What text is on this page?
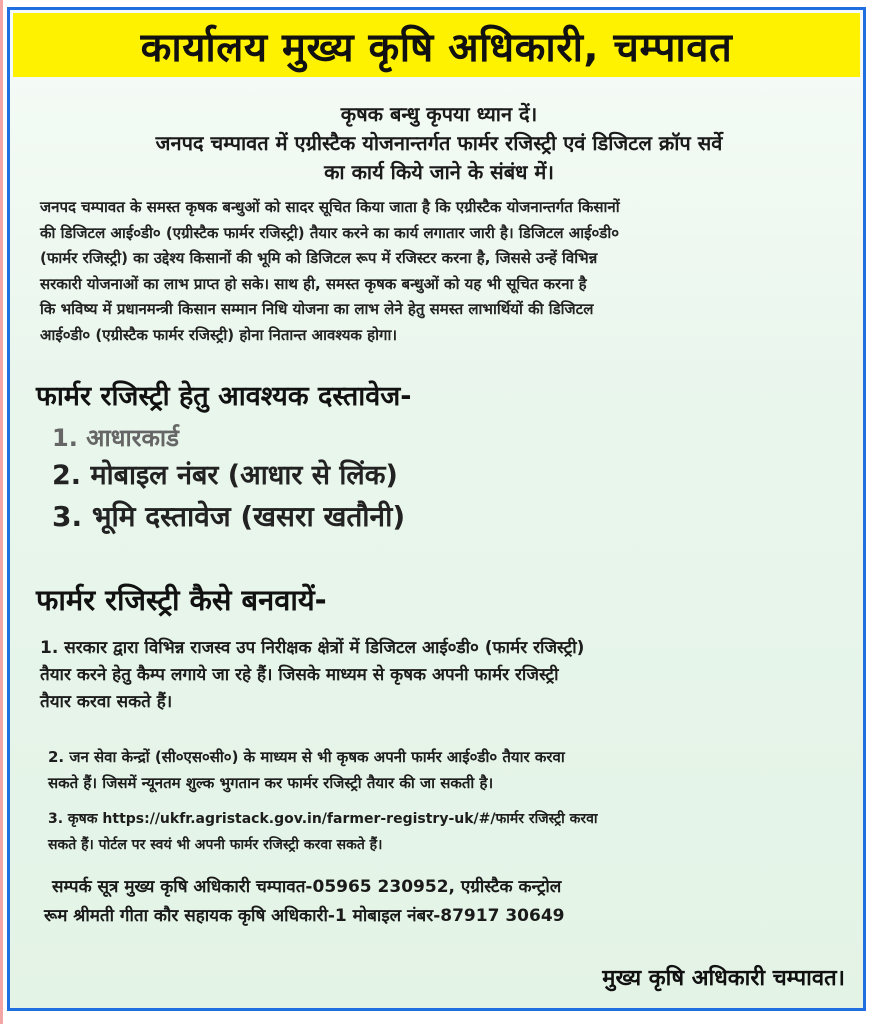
कार्यालय मुख्य कृषि अधिकारी, चम्पावत
कृषक बन्धु कृपया ध्यान दें।
जनपद चम्पावत में एग्रीस्टैक योजनान्तर्गत फार्मर रजिस्ट्री एवं डिजिटल क्रॉप सर्वे
का कार्य किये जाने के संबंध में।
जनपद चम्पावत के समस्त कृषक बन्धुओं को सादर सूचित किया जाता है कि एग्रीस्टैक योजनान्तर्गत किसानों
की डिजिटल आई०डी० (एग्रीस्टैक फार्मर रजिस्ट्री) तैयार करने का कार्य लगातार जारी है। डिजिटल आई०डी०
(फार्मर रजिस्ट्री) का उद्देश्य किसानों की भूमि को डिजिटल रूप में रजिस्टर करना है, जिससे उन्हें विभिन्न
सरकारी योजनाओं का लाभ प्राप्त हो सके। साथ ही, समस्त कृषक बन्धुओं को यह भी सूचित करना है
कि भविष्य में प्रधानमन्त्री किसान सम्मान निधि योजना का लाभ लेने हेतु समस्त लाभार्थियों की डिजिटल
आई०डी० (एग्रीस्टैक फार्मर रजिस्ट्री) होना नितान्त आवश्यक होगा।
फार्मर रजिस्ट्री हेतु आवश्यक दस्तावेज-
1. आधारकार्ड
2. मोबाइल नंबर (आधार से लिंक)
3. भूमि दस्तावेज (खसरा खतौनी)
फार्मर रजिस्ट्री कैसे बनवायें-

1. सरकार द्वारा विभिन्न राजस्व उप निरीक्षक क्षेत्रों में डिजिटल आई०डी० (फार्मर रजिस्ट्री)
तैयार करने हेतु कैम्प लगाये जा रहे हैं। जिसके माध्यम से कृषक अपनी फार्मर रजिस्ट्री
तैयार करवा सकते हैं।

2. जन सेवा केन्द्रों (सी०एस०सी०) के माध्यम से भी कृषक अपनी फार्मर आई०डी० तैयार करवा
सकते हैं। जिसमें न्यूनतम शुल्क भुगतान कर फार्मर रजिस्ट्री तैयार की जा सकती है।

3. कृषक https://ukfr.agristack.gov.in/farmer-registry-uk/#/फार्मर रजिस्ट्री करवा
सकते हैं। पोर्टल पर स्वयं भी अपनी फार्मर रजिस्ट्री करवा सकते हैं।

सम्पर्क सूत्र मुख्य कृषि अधिकारी चम्पावत-05965 230952, एग्रीस्टैक कन्ट्रोल
रूम श्रीमती गीता कौर सहायक कृषि अधिकारी-1 मोबाइल नंबर-87917 30649
मुख्य कृषि अधिकारी चम्पावत।
